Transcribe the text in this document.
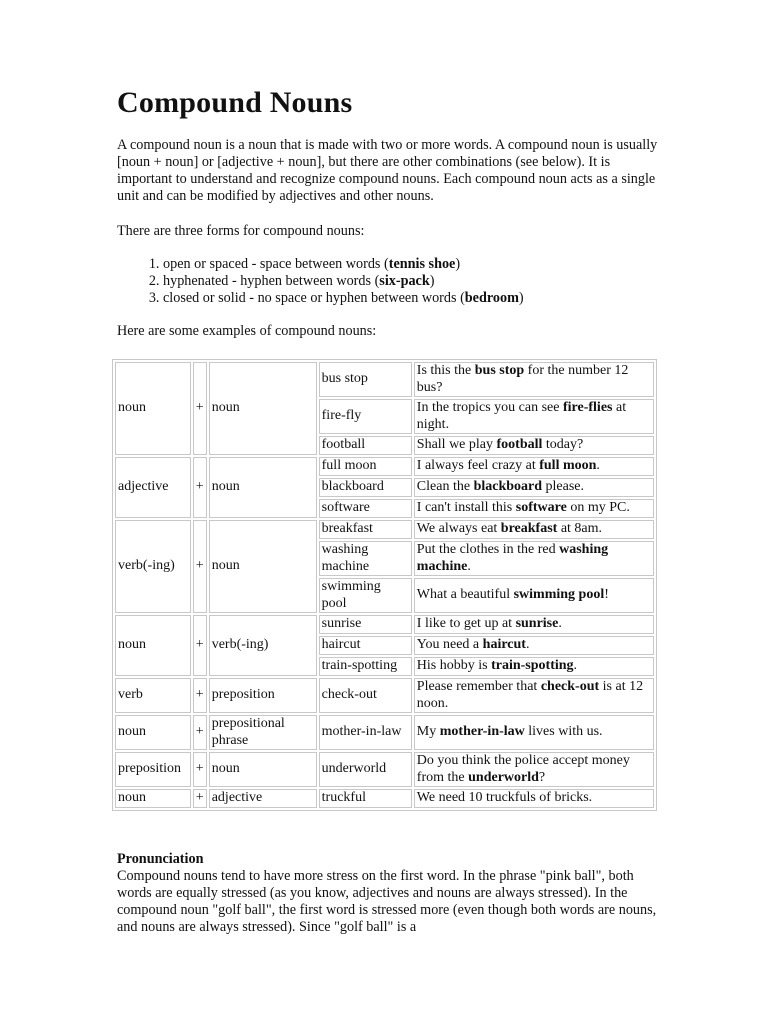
Compound Nouns

A compound noun is a noun that is made with two or more words. A compound noun is usually [noun + noun] or [adjective + noun], but there are other combinations (see below). It is important to understand and recognize compound nouns. Each compound noun acts as a single unit and can be modified by adjectives and other nouns.

There are three forms for compound nouns:

1. open or spaced - space between words (tennis shoe)
2. hyphenated - hyphen between words (six-pack)
3. closed or solid - no space or hyphen between words (bedroom)

Here are some examples of compound nouns:

noun	+	noun	bus stop	Is this the bus stop for the number 12 bus?
			fire-fly	In the tropics you can see fire-flies at night.
			football	Shall we play football today?
adjective	+	noun	full moon	I always feel crazy at full moon.
			blackboard	Clean the blackboard please.
			software	I can't install this software on my PC.
verb(-ing)	+	noun	breakfast	We always eat breakfast at 8am.
			washing machine	Put the clothes in the red washing machine.
			swimming pool	What a beautiful swimming pool!
noun	+	verb(-ing)	sunrise	I like to get up at sunrise.
			haircut	You need a haircut.
			train-spotting	His hobby is train-spotting.
verb	+	preposition	check-out	Please remember that check-out is at 12 noon.
noun	+	prepositional phrase	mother-in-law	My mother-in-law lives with us.
preposition	+	noun	underworld	Do you think the police accept money from the underworld?
noun	+	adjective	truckful	We need 10 truckfuls of bricks.

Pronunciation

Compound nouns tend to have more stress on the first word. In the phrase "pink ball", both words are equally stressed (as you know, adjectives and nouns are always stressed). In the compound noun "golf ball", the first word is stressed more (even though both words are nouns, and nouns are always stressed). Since "golf ball" is a
